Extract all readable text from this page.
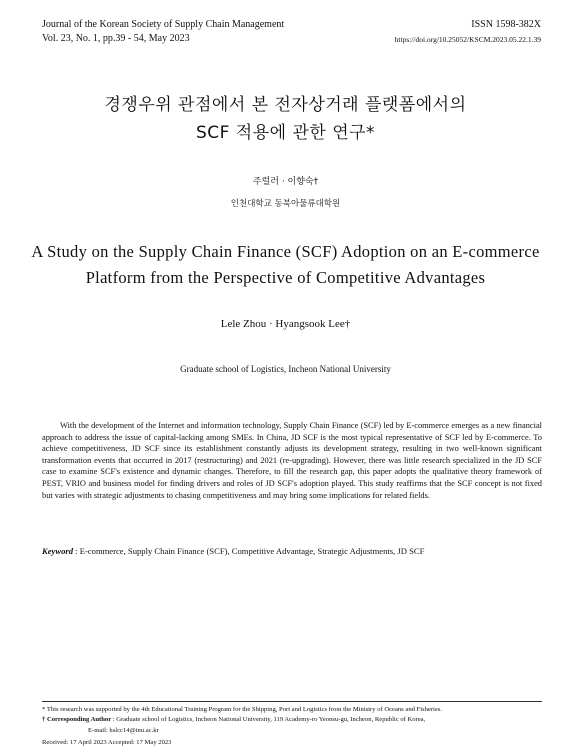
Journal of the Korean Society of Supply Chain Management
Vol. 23, No. 1, pp.39 - 54, May 2023
ISSN 1598-382X
https://doi.org/10.25052/KSCM.2023.05.22.1.39
경쟁우위 관점에서 본 전자상거래 플랫폼에서의
SCF 적용에 관한 연구*
주럴러 · 이향숙†
인천대학교 동북아물류대학원
A Study on the Supply Chain Finance (SCF) Adoption on an E-commerce
Platform from the Perspective of Competitive Advantages
Lele Zhou · Hyangsook Lee†
Graduate school of Logistics, Incheon National University
With the development of the Internet and information technology, Supply Chain Finance (SCF) led by E-commerce emerges as a new financial approach to address the issue of capital-lacking among SMEs. In China, JD SCF is the most typical representative of SCF led by E-commerce. To achieve competitiveness, JD SCF since its establishment constantly adjusts its development strategy, resulting in two well-known significant transformation events that occurred in 2017 (restructuring) and 2021 (re-upgrading). However, there was little research specialized in the JD SCF case to examine SCF's existence and dynamic changes. Therefore, to fill the research gap, this paper adopts the qualitative theory framework of PEST, VRIO and business model for finding drivers and roles of JD SCF's adoption played. This study reaffirms that the SCF concept is not fixed but varies with strategic adjustments to chasing competitiveness and may bring some implications for related fields.
Keyword : E-commerce, Supply Chain Finance (SCF), Competitive Advantage, Strategic Adjustments, JD SCF
* This research was supported by the 4th Educational Training Program for the Shipping, Port and Logistics from the Ministry of Oceans and Fisheries.
† Corresponding Author : Graduate school of Logistics, Incheon National University, 119 Academy-ro Yeonsu-gu, Incheon, Republic of Korea,
E-mail: hslcc14@inu.ac.kr
Received: 17 April 2023 Accepted: 17 May 2023
